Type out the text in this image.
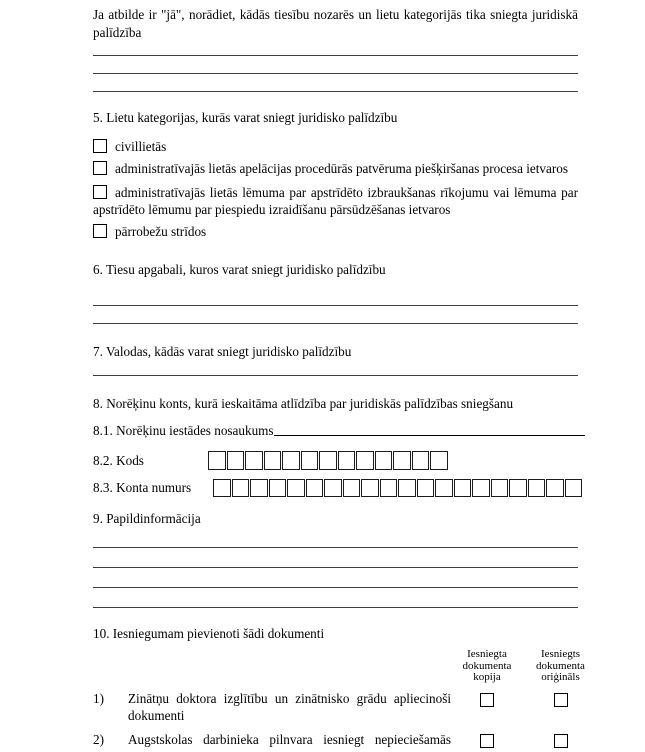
Ja atbilde ir "jā", norādiet, kādās tiesību nozarēs un lietu kategorijās tika sniegta juridiskā palīdzība

5. Lietu kategorijas, kurās varat sniegt juridisko palīdzību

civillietās

administratīvajās lietās apelācijas procedūrās patvēruma piešķiršanas procesa ietvaros

administratīvajās lietās lēmuma par apstrīdēto izbraukšanas rīkojumu vai lēmuma par apstrīdēto lēmumu par piespiedu izraidīšanu pārsūdzēšanas ietvaros

pārrobežu strīdos

6. Tiesu apgabali, kuros varat sniegt juridisko palīdzību

7. Valodas, kādās varat sniegt juridisko palīdzību

8. Norēķinu konts, kurā ieskaitāma atlīdzība par juridiskās palīdzības sniegšanu

8.1. Norēķinu iestādes nosaukums
8.2. Kods
8.3. Konta numurs

9. Papildinformācija

10. Iesniegumam pievienoti šādi dokumenti

Iesniegta dokumenta kopija
Iesniegts dokumenta oriģināls
1)	Zinātņu doktora izglītību un zinātnisko grādu apliecinoši dokumenti
2)	Augstskolas darbinieka pilnvara iesniegt nepieciešamās
